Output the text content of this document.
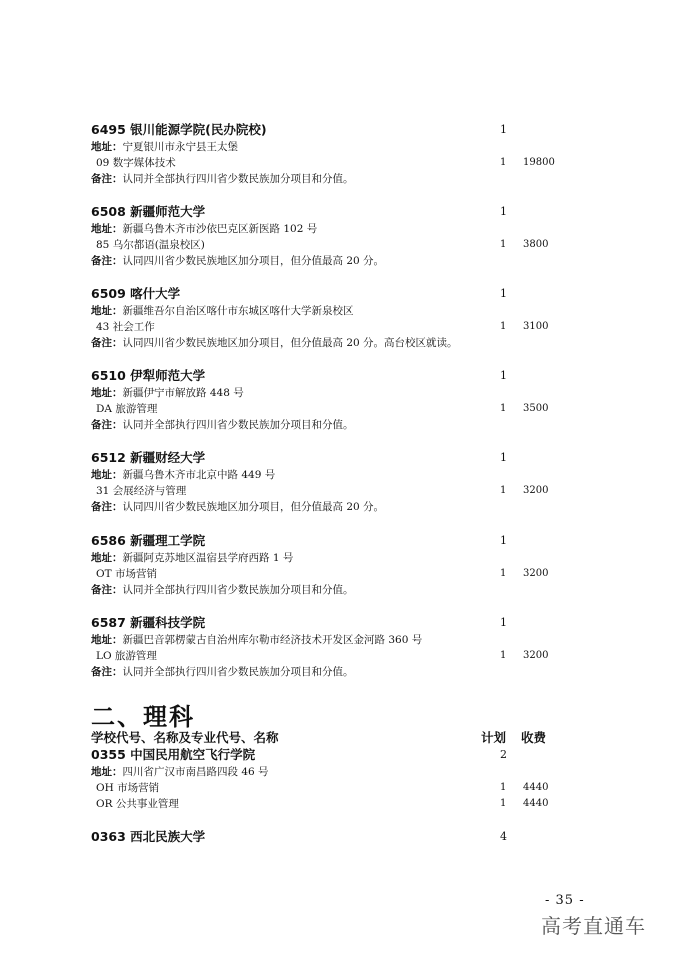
6495 银川能源学院(民办院校)	1
地址：宁夏银川市永宁县王太堡
09 数字媒体技术	1 19800
备注：认同并全部执行四川省少数民族加分项目和分值。
6508 新疆师范大学	1
地址：新疆乌鲁木齐市沙依巴克区新医路 102 号
85 乌尔都语(温泉校区)	1 3800
备注：认同四川省少数民族地区加分项目，但分值最高 20 分。
6509 喀什大学	1
地址：新疆维吾尔自治区喀什市东城区喀什大学新泉校区
43 社会工作	1 3100
备注：认同四川省少数民族地区加分项目，但分值最高 20 分。高台校区就读。
6510 伊犁师范大学	1
地址：新疆伊宁市解放路 448 号
DA 旅游管理	1 3500
备注：认同并全部执行四川省少数民族加分项目和分值。
6512 新疆财经大学	1
地址：新疆乌鲁木齐市北京中路 449 号
31 会展经济与管理	1 3200
备注：认同四川省少数民族地区加分项目，但分值最高 20 分。
6586 新疆理工学院	1
地址：新疆阿克苏地区温宿县学府西路 1 号
OT 市场营销	1 3200
备注：认同并全部执行四川省少数民族加分项目和分值。
6587 新疆科技学院	1
地址：新疆巴音郭楞蒙古自治州库尔勒市经济技术开发区金河路 360 号
LO 旅游管理	1 3200
备注：认同并全部执行四川省少数民族加分项目和分值。
二、理科
学校代号、名称及专业代号、名称	计划 收费
0355 中国民用航空飞行学院	2
地址：四川省广汉市南昌路四段 46 号
OH 市场营销	1 4440
OR 公共事业管理	1 4440
0363 西北民族大学	4
- 35 -
高考直通车
